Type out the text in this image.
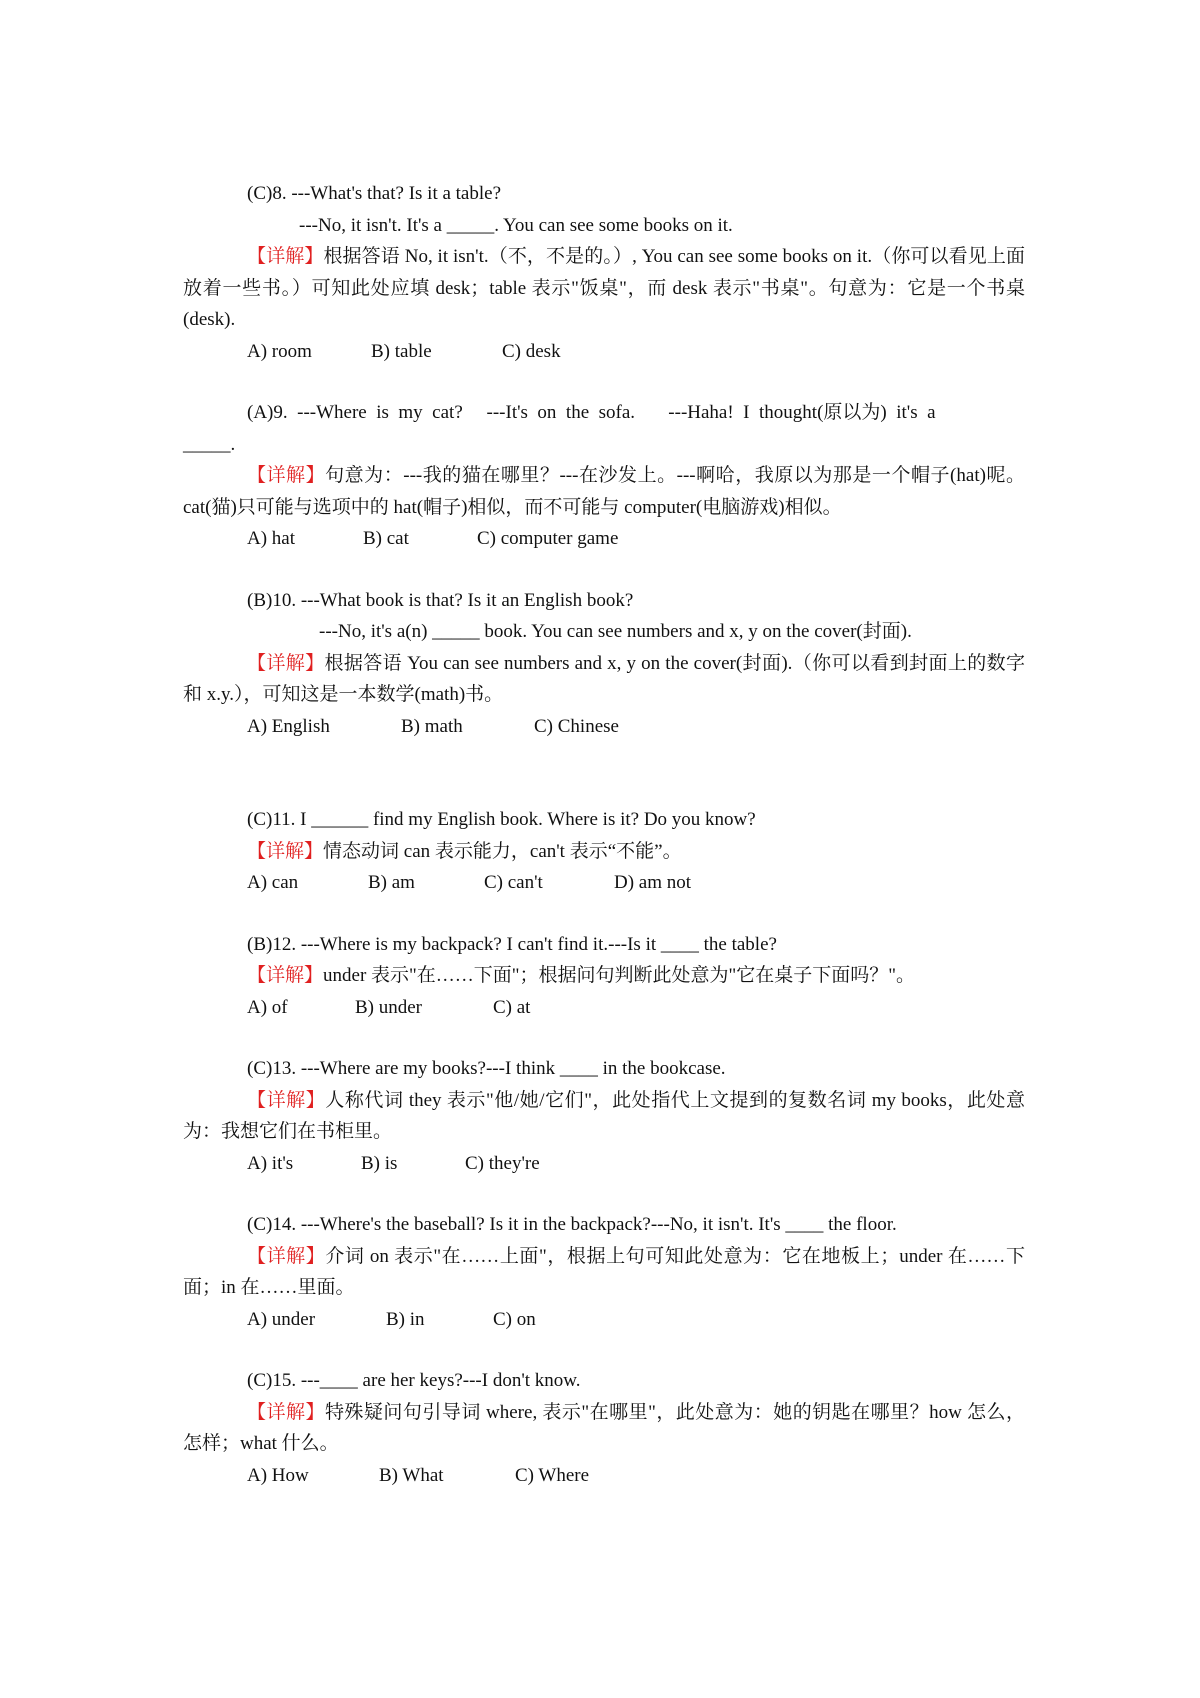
(C)8. ---What's that? Is it a table?
---No, it isn't. It's a _____. You can see some books on it.
【详解】根据答语 No, it isn't.（不，不是的。）, You can see some books on it.（你可以看见上面放着一些书。）可知此处应填 desk；table 表示"饭桌"，而 desk 表示"书桌"。句意为：它是一个书桌(desk).
A) room	B) table	C) desk
(A)9.  ---Where  is  my  cat?     ---It's  on  the  sofa.       ---Haha!  I  thought(原以为)  it's  a
_____.
【详解】句意为：---我的猫在哪里？---在沙发上。---啊哈，我原以为那是一个帽子(hat)呢。cat(猫)只可能与选项中的 hat(帽子)相似，而不可能与 computer(电脑游戏)相似。
A) hat	B) cat	C) computer game
(B)10. ---What book is that? Is it an English book?
---No, it's a(n) _____ book. You can see numbers and x, y on the cover(封面).
【详解】根据答语 You can see numbers and x, y on the cover(封面).（你可以看到封面上的数字和 x.y.），可知这是一本数学(math)书。
A) English	B) math	C) Chinese
(C)11. I ______ find my English book. Where is it? Do you know?
【详解】情态动词 can 表示能力，can't 表示“不能”。
A) can	B) am	C) can't	D) am not
(B)12. ---Where is my backpack? I can't find it.---Is it ____ the table?
【详解】under 表示"在……下面"；根据问句判断此处意为"它在桌子下面吗？"。
A) of	B) under	C) at
(C)13. ---Where are my books?---I think ____ in the bookcase.
【详解】人称代词 they 表示"他/她/它们"，此处指代上文提到的复数名词 my books，此处意为：我想它们在书柜里。
A) it's	B) is	C) they're
(C)14. ---Where's the baseball? Is it in the backpack?---No, it isn't. It's ____ the floor.
【详解】介词 on 表示"在……上面"，根据上句可知此处意为：它在地板上；under 在……下面；in 在……里面。
A) under	B) in	C) on
(C)15. ---____ are her keys?---I don't know.
【详解】特殊疑问句引导词 where, 表示"在哪里"，此处意为：她的钥匙在哪里？how 怎么，怎样；what 什么。
A) How	B) What	C) Where
